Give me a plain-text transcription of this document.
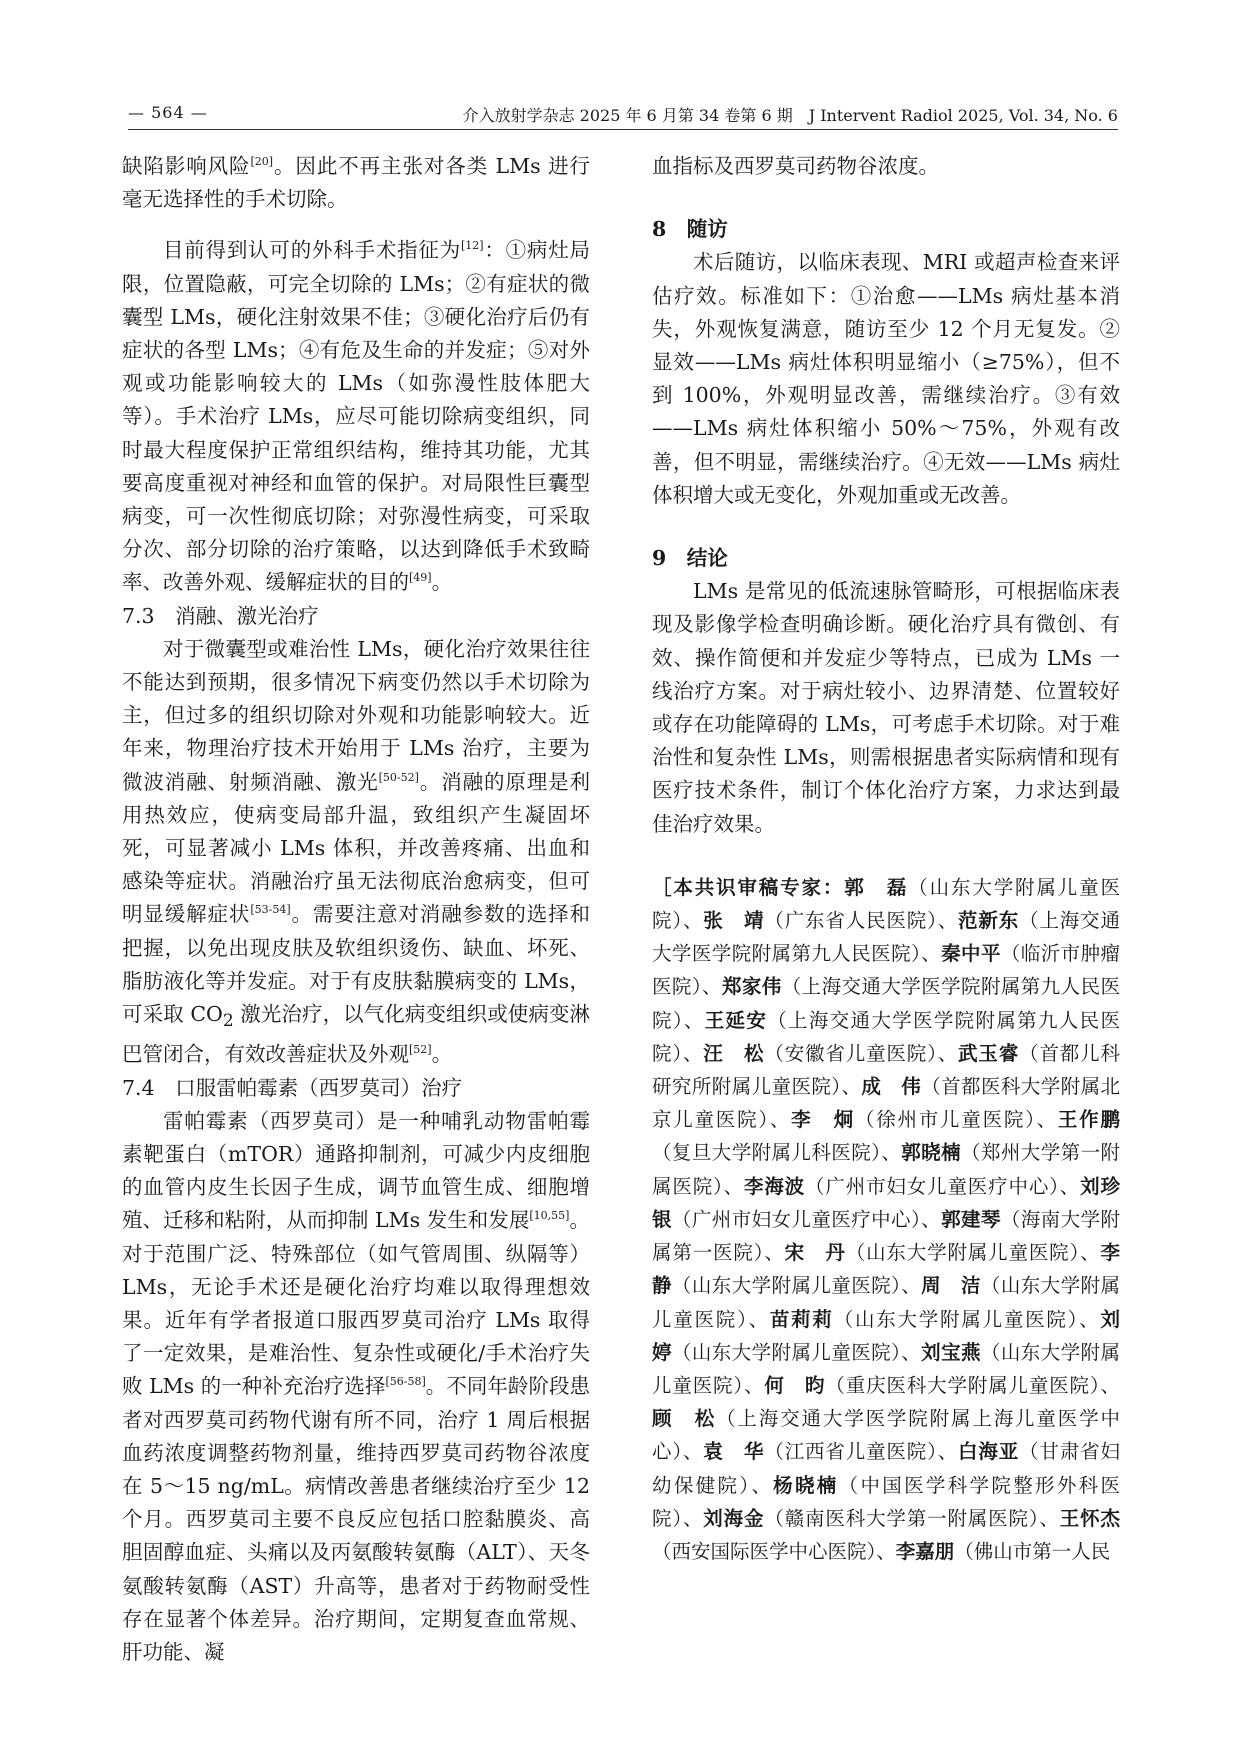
— 564 —	介入放射学杂志 2025 年 6 月第 34 卷第 6 期　J Intervent Radiol 2025, Vol. 34, No. 6

缺陷影响风险[20]。因此不再主张对各类 LMs 进行毫无选择性的手术切除。

目前得到认可的外科手术指征为[12]：①病灶局限，位置隐蔽，可完全切除的 LMs；②有症状的微囊型 LMs，硬化注射效果不佳；③硬化治疗后仍有症状的各型 LMs；④有危及生命的并发症；⑤对外观或功能影响较大的 LMs（如弥漫性肢体肥大等）。手术治疗 LMs，应尽可能切除病变组织，同时最大程度保护正常组织结构，维持其功能，尤其要高度重视对神经和血管的保护。对局限性巨囊型病变，可一次性彻底切除；对弥漫性病变，可采取分次、部分切除的治疗策略，以达到降低手术致畸率、改善外观、缓解症状的目的[49]。

7.3　消融、激光治疗

对于微囊型或难治性 LMs，硬化治疗效果往往不能达到预期，很多情况下病变仍然以手术切除为主，但过多的组织切除对外观和功能影响较大。近年来，物理治疗技术开始用于 LMs 治疗，主要为微波消融、射频消融、激光[50-52]。消融的原理是利用热效应，使病变局部升温，致组织产生凝固坏死，可显著减小 LMs 体积，并改善疼痛、出血和感染等症状。消融治疗虽无法彻底治愈病变，但可明显缓解症状[53-54]。需要注意对消融参数的选择和把握，以免出现皮肤及软组织烫伤、缺血、坏死、脂肪液化等并发症。对于有皮肤黏膜病变的 LMs，可采取 $CO_2$ 激光治疗，以气化病变组织或使病变淋巴管闭合，有效改善症状及外观[52]。

7.4　口服雷帕霉素（西罗莫司）治疗

雷帕霉素（西罗莫司）是一种哺乳动物雷帕霉素靶蛋白（mTOR）通路抑制剂，可减少内皮细胞的血管内皮生长因子生成，调节血管生成、细胞增殖、迁移和粘附，从而抑制 LMs 发生和发展[10,55]。对于范围广泛、特殊部位（如气管周围、纵隔等）LMs，无论手术还是硬化治疗均难以取得理想效果。近年有学者报道口服西罗莫司治疗 LMs 取得了一定效果，是难治性、复杂性或硬化/手术治疗失败 LMs 的一种补充治疗选择[56-58]。不同年龄阶段患者对西罗莫司药物代谢有所不同，治疗 1 周后根据血药浓度调整药物剂量，维持西罗莫司药物谷浓度在 5～15 ng/mL。病情改善患者继续治疗至少 12 个月。西罗莫司主要不良反应包括口腔黏膜炎、高胆固醇血症、头痛以及丙氨酸转氨酶（ALT）、天冬氨酸转氨酶（AST）升高等，患者对于药物耐受性存在显著个体差异。治疗期间，定期复查血常规、肝功能、凝

血指标及西罗莫司药物谷浓度。

8　随访

术后随访，以临床表现、MRI 或超声检查来评估疗效。标准如下：①治愈——LMs 病灶基本消失，外观恢复满意，随访至少 12 个月无复发。②显效——LMs 病灶体积明显缩小（≥75%），但不到 100%，外观明显改善，需继续治疗。③有效——LMs 病灶体积缩小 50%～75%，外观有改善，但不明显，需继续治疗。④无效——LMs 病灶体积增大或无变化，外观加重或无改善。

9　结论

LMs 是常见的低流速脉管畸形，可根据临床表现及影像学检查明确诊断。硬化治疗具有微创、有效、操作简便和并发症少等特点，已成为 LMs 一线治疗方案。对于病灶较小、边界清楚、位置较好或存在功能障碍的 LMs，可考虑手术切除。对于难治性和复杂性 LMs，则需根据患者实际病情和现有医疗技术条件，制订个体化治疗方案，力求达到最佳治疗效果。

［本共识审稿专家：郭　磊（山东大学附属儿童医院）、张　靖（广东省人民医院）、范新东（上海交通大学医学院附属第九人民医院）、秦中平（临沂市肿瘤医院）、郑家伟（上海交通大学医学院附属第九人民医院）、王延安（上海交通大学医学院附属第九人民医院）、汪　松（安徽省儿童医院）、武玉睿（首都儿科研究所附属儿童医院）、成　伟（首都医科大学附属北京儿童医院）、李　炯（徐州市儿童医院）、王作鹏（复旦大学附属儿科医院）、郭晓楠（郑州大学第一附属医院）、李海波（广州市妇女儿童医疗中心）、刘珍银（广州市妇女儿童医疗中心）、郭建琴（海南大学附属第一医院）、宋　丹（山东大学附属儿童医院）、李　静（山东大学附属儿童医院）、周　洁（山东大学附属儿童医院）、苗莉莉（山东大学附属儿童医院）、刘　婷（山东大学附属儿童医院）、刘宝燕（山东大学附属儿童医院）、何　昀（重庆医科大学附属儿童医院）、顾　松（上海交通大学医学院附属上海儿童医学中心）、袁　华（江西省儿童医院）、白海亚（甘肃省妇幼保健院）、杨晓楠（中国医学科学院整形外科医院）、刘海金（赣南医科大学第一附属医院）、王怀杰（西安国际医学中心医院）、李嘉朋（佛山市第一人民
